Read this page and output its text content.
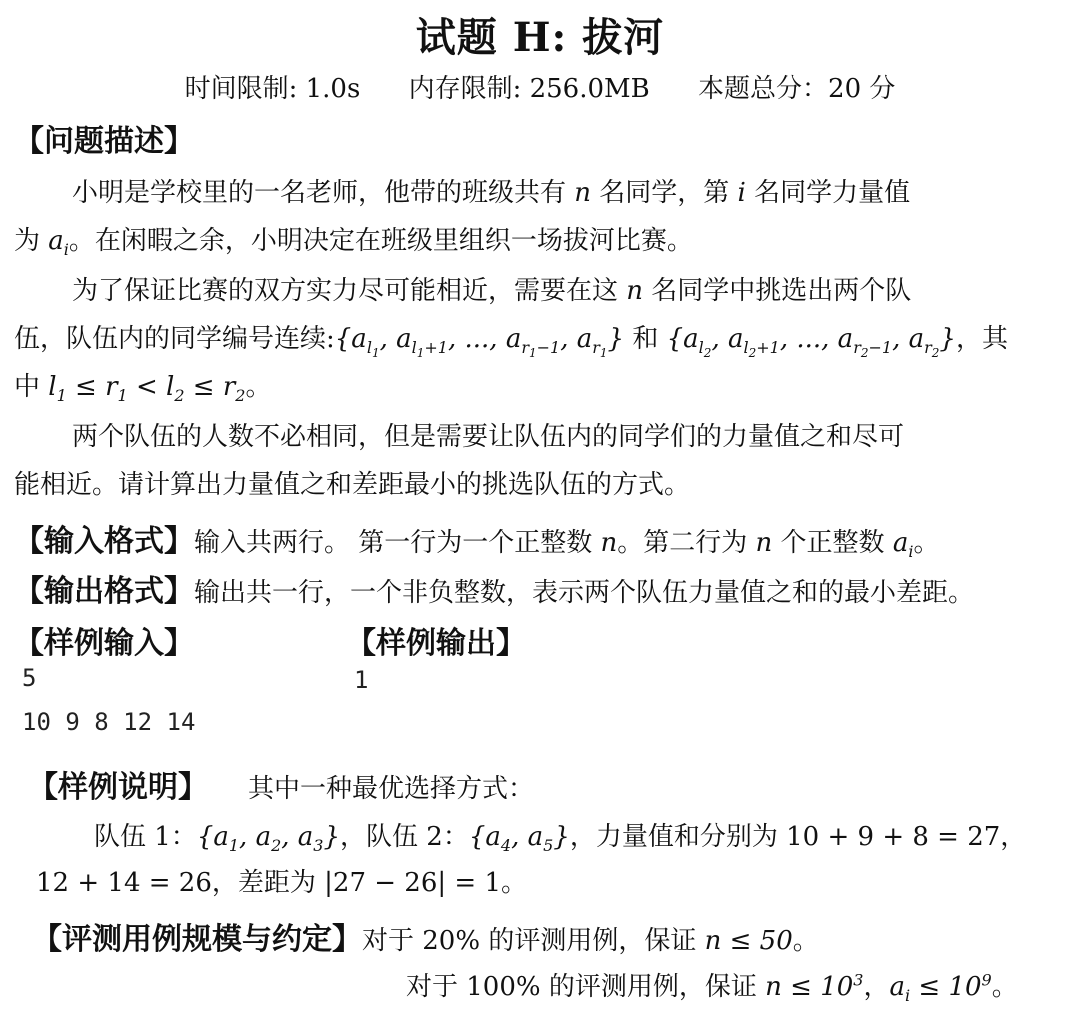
试题 H: 拔河
时间限制: 1.0s 内存限制: 256.0MB 本题总分：20 分
【问题描述】
小明是学校里的一名老师，他带的班级共有 n 名同学，第 i 名同学力量值
为 $a_i$。在闲暇之余，小明决定在班级里组织一场拔河比赛。
为了保证比赛的双方实力尽可能相近，需要在这 n 名同学中挑选出两个队
伍，队伍内的同学编号连续$:\{a_{l_1}$, $a_{l_1+1}$, ..., $a_{r_1-1}$, $a_{r_1}$} 和 {$a_{l_2}$, $a_{l_2+1}$, ..., $a_{r_2-1}$, $a_{r_2}$}，其
中 $l_1 \le r_1 < l_2 \le r_2$。
两个队伍的人数不必相同，但是需要让队伍内的同学们的力量值之和尽可
能相近。请计算出力量值之和差距最小的挑选队伍的方式。
【输入格式】输入共两行。 第一行为一个正整数 n。第二行为 n 个正整数 $a_i$。
【输出格式】输出共一行，一个非负整数，表示两个队伍力量值之和的最小差距。
【样例输入】	【样例输出】
5
10 9 8 12 14
1
【样例说明】 其中一种最优选择方式：
队伍 1：{$a_1$, $a_2$, $a_3$}，队伍 2：{$a_4$, $a_5$}，力量值和分别为 10 + 9 + 8 = 27，
12 + 14 = 26，差距为 |27 − 26| = 1。
【评测用例规模与约定】对于 20% 的评测用例，保证 n ≤ 50。
对于 100% 的评测用例，保证 $n \le 10^3$，$a_i \le 10^9$。
